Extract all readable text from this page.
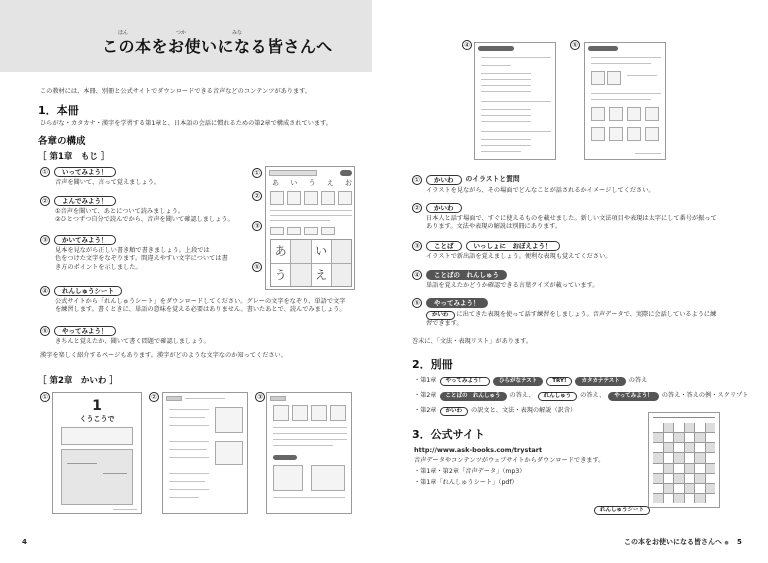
ほん	つか	みな
この本をお使いになる皆さんへ
この教材には、本冊、別冊と公式サイトでダウンロードできる音声などのコンテンツがあります。
1．本冊
ひらがな・カタカナ・漢字を学習する第1章と、日本語の会話に慣れるための第2章で構成されています。
各章の構成
［ 第1章　もじ ］
①	いってみよう！
音声を聞いて、言って覚えましょう。
②	よんでみよう！
①音声を聞いて、あとについて読みましょう。
②ひとつずつ自分で読んでから、音声を聞いて確認しましょう。
③	かいてみよう！
見本を見ながら正しい書き順で書きましょう。上段では
色をつけた文字をなぞります。間違えやすい文字については書
き方のポイントを示しました。
④	れんしゅうシート
公式サイトから「れんしゅうシート」をダウンロードしてください。グレーの文字をなぞり、単語で文字
を練習します。書くときに、単語の意味を覚える必要はありません。書いたあとで、読んでみましょう。
⑤	やってみよう！
きちんと覚えたか、聞いて書く問題で確認しましょう。
漢字を楽しく紹介するページもあります。漢字がどのような文字なのか知ってください。
①
②
③
⑤
あ い う え お
あ	い
う	え
［ 第2章　かいわ ］
①	②	③
1
くうこうで
4
④	⑤
①	かいわ	のイラストと質問
イラストを見ながら、その場面でどんなことが話されるかイメージしてください。
②	かいわ
日本人と話す場面で、すぐに使えるものを載せました。新しい文法項目や表現は太字にして番号が振って
あります。文法や表現の解説は別冊にあります。
③	ことば	いっしょに　おぼえよう！
イラストで新出語を覚えましょう。便利な表現も覚えてください。
④	ことばの　れんしゅう
単語を覚えたかどうか確認できる言葉クイズが載っています。
⑤	やってみよう！
かいわ	に出てきた表現を使って話す練習をしましょう。音声データで、実際に会話しているように練
習できます。
巻末に、「文法・表現リスト」があります。
2．別冊
・第1章	やってみよう！	ひらがなテスト	TRY!	カタカナテスト	の答え
・第2章	ことばの　れんしゅう	の答え、	れんしゅう	の答え、	やってみよう！	の答え・答えの例・スクリプト
・第2章	かいわ	の訳文と、文法・表現の解説（訳含）
3．公式サイト
http://www.ask-books.com/trystart
音声データやコンテンツがウェブサイトからダウンロードできます。
・第1章・第2章「音声データ」（mp3）
・第1章「れんしゅうシート」（pdf）
れんしゅうシート
この本をお使いになる皆さんへ ● 5
